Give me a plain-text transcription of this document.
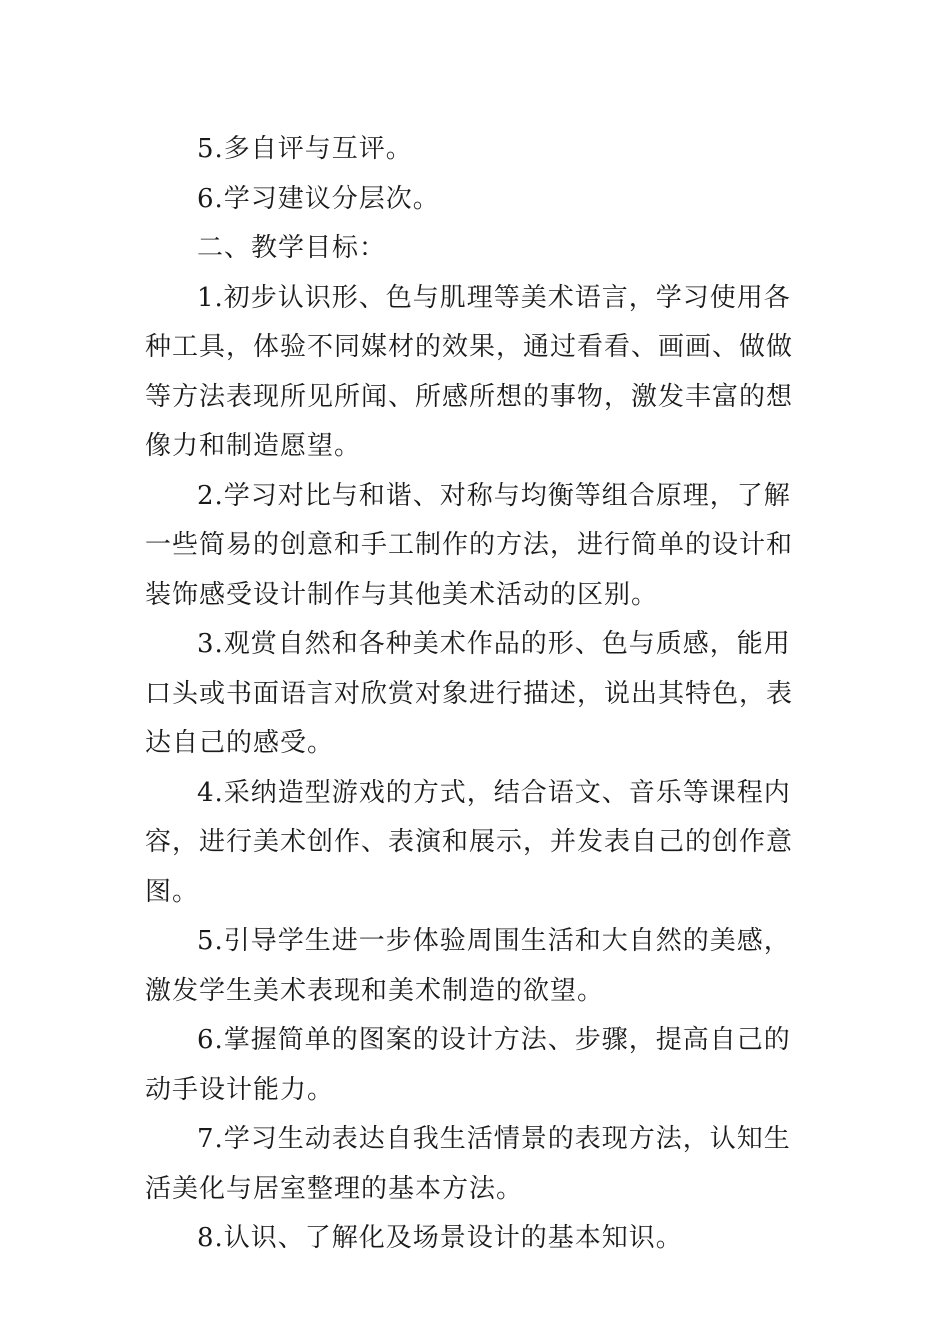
5.多自评与互评。

6.学习建议分层次。

二、教学目标：

1.初步认识形、色与肌理等美术语言，学习使用各种工具，体验不同媒材的效果，通过看看、画画、做做等方法表现所见所闻、所感所想的事物，激发丰富的想像力和制造愿望。

2.学习对比与和谐、对称与均衡等组合原理，了解一些简易的创意和手工制作的方法，进行简单的设计和装饰感受设计制作与其他美术活动的区别。

3.观赏自然和各种美术作品的形、色与质感，能用口头或书面语言对欣赏对象进行描述，说出其特色，表达自己的感受。

4.采纳造型游戏的方式，结合语文、音乐等课程内容，进行美术创作、表演和展示，并发表自己的创作意图。

5.引导学生进一步体验周围生活和大自然的美感，激发学生美术表现和美术制造的欲望。

6.掌握简单的图案的设计方法、步骤，提高自己的动手设计能力。

7.学习生动表达自我生活情景的表现方法，认知生活美化与居室整理的基本方法。

8.认识、了解化及场景设计的基本知识。
